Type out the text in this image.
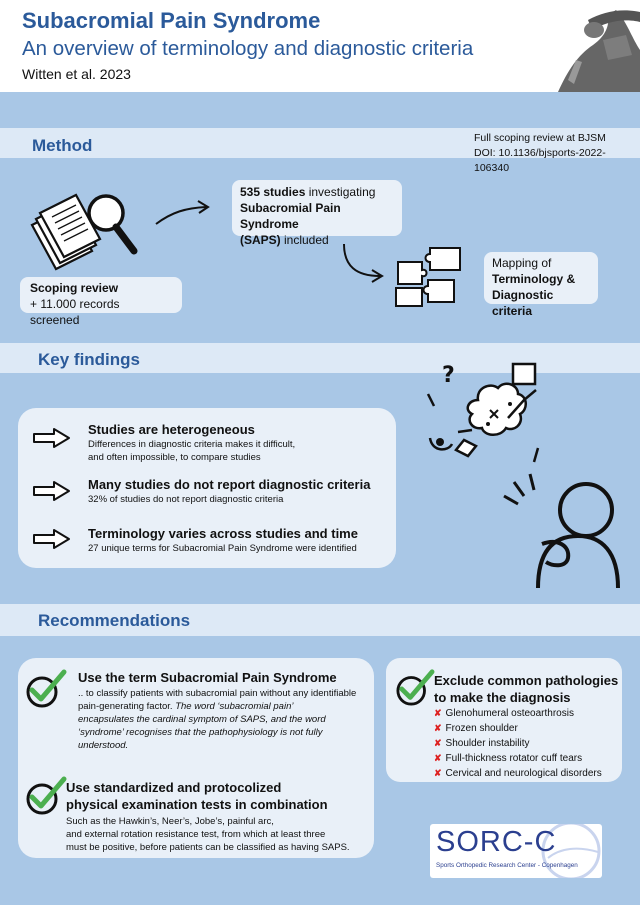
Subacromial Pain Syndrome
An overview of terminology and diagnostic criteria
Witten et al. 2023
Method	Full scoping review at BJSM
DOI: 10.1136/bjsports-2022-106340
535 studies investigating
Subacromial Pain Syndrome
(SAPS) included
Scoping review
+ 11.000 records screened
Mapping of
Terminology &
Diagnostic criteria
Key findings
Studies are heterogeneous
Differences in diagnostic criteria makes it difficult,
and often impossible, to compare studies
Many studies do not report diagnostic criteria
32% of studies do not report diagnostic criteria
Terminology varies across studies and time
27 unique terms for Subacromial Pain Syndrome were identified
?
Recommendations
Use the term Subacromial Pain Syndrome
.. to classify patients with subacromial pain without any identifiable
pain-generating factor. The word ‘subacromial pain’
encapsulates the cardinal symptom of SAPS, and the word
‘syndrome’ recognises that the pathophysiology is not fully
understood.
Use standardized and protocolized
physical examination tests in combination
Such as the Hawkin’s, Neer’s, Jobe’s, painful arc,
and external rotation resistance test, from which at least three
must be positive, before patients can be classified as having SAPS.
Exclude common pathologies
to make the diagnosis
✘ Glenohumeral osteoarthrosis
✘ Frozen shoulder
✘ Shoulder instability
✘ Full-thickness rotator cuff tears
✘ Cervical and neurological disorders
SORC-C
Sports Orthopedic Research Center - Copenhagen
